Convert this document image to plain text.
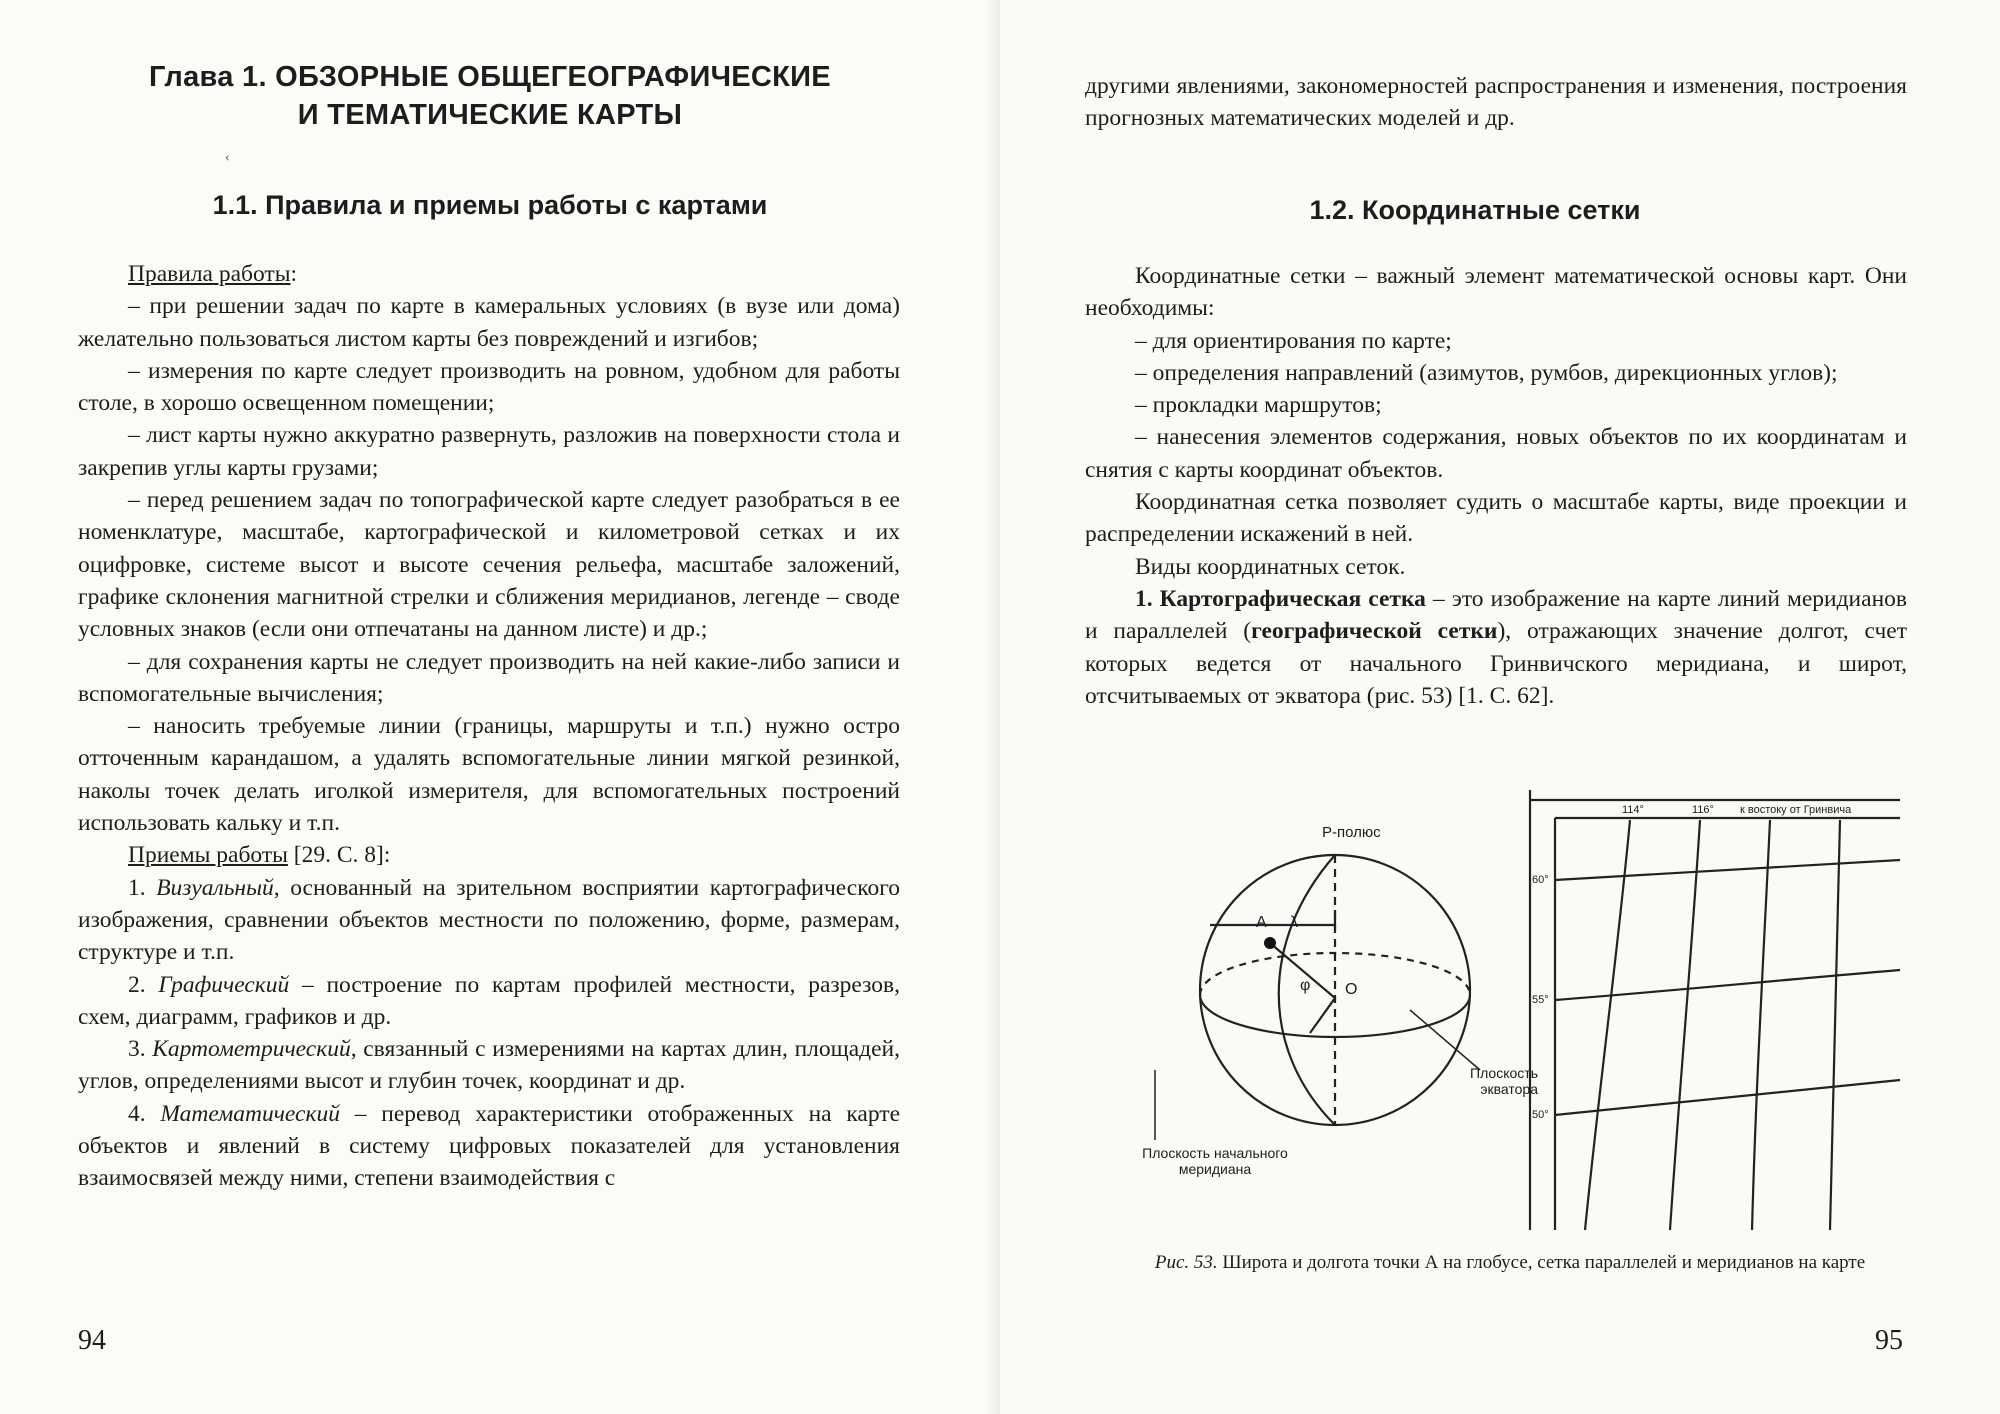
Глава 1. ОБЗОРНЫЕ ОБЩЕГЕОГРАФИЧЕСКИЕ
И ТЕМАТИЧЕСКИЕ КАРТЫ
‹
1.1. Правила и приемы работы с картами

Правила работы:

– при решении задач по карте в камеральных условиях (в вузе или дома) желательно пользоваться листом карты без повреждений и изгибов;

– измерения по карте следует производить на ровном, удобном для работы столе, в хорошо освещенном помещении;

– лист карты нужно аккуратно развернуть, разложив на поверхности стола и закрепив углы карты грузами;

– перед решением задач по топографической карте следует разобраться в ее номенклатуре, масштабе, картографической и километровой сетках и их оцифровке, системе высот и высоте сечения рельефа, масштабе заложений, графике склонения магнитной стрелки и сближения меридианов, легенде – своде условных знаков (если они отпечатаны на данном листе) и др.;

– для сохранения карты не следует производить на ней какие-либо записи и вспомогательные вычисления;

– наносить требуемые линии (границы, маршруты и т.п.) нужно остро отточенным карандашом, а удалять вспомогательные линии мягкой резинкой, наколы точек делать иголкой измерителя, для вспомогательных построений использовать кальку и т.п.

Приемы работы [29. С. 8]:

1. Визуальный, основанный на зрительном восприятии картографического изображения, сравнении объектов местности по положению, форме, размерам, структуре и т.п.

2. Графический – построение по картам профилей местности, разрезов, схем, диаграмм, графиков и др.

3. Картометрический, связанный с измерениями на картах длин, площадей, углов, определениями высот и глубин точек, координат и др.

4. Математический – перевод характеристики отображенных на карте объектов и явлений в систему цифровых показателей для установления взаимосвязей между ними, степени взаимодействия с

94

другими явлениями, закономерностей распространения и изменения, построения прогнозных математических моделей и др.

1.2. Координатные сетки

Координатные сетки – важный элемент математической основы карт. Они необходимы:

– для ориентирования по карте;

– определения направлений (азимутов, румбов, дирекционных углов);

– прокладки маршрутов;

– нанесения элементов содержания, новых объектов по их координатам и снятия с карты координат объектов.

Координатная сетка позволяет судить о масштабе карты, виде проекции и распределении искажений в ней.

Виды координатных сеток.

1. Картографическая сетка – это изображение на карте линий меридианов и параллелей (географической сетки), отражающих значение долгот, счет которых ведется от начального Гринвичского меридиана, и широт, отсчитываемых от экватора (рис. 53) [1. С. 62].

Р-полюс
А λ
φ О
Плоскость экватора
Плоскость начального меридиана
114°	116° к востоку от Гринвича
60°
55°
50°
Рис. 53. Широта и долгота точки А на глобусе, сетка параллелей и меридианов на карте
95
